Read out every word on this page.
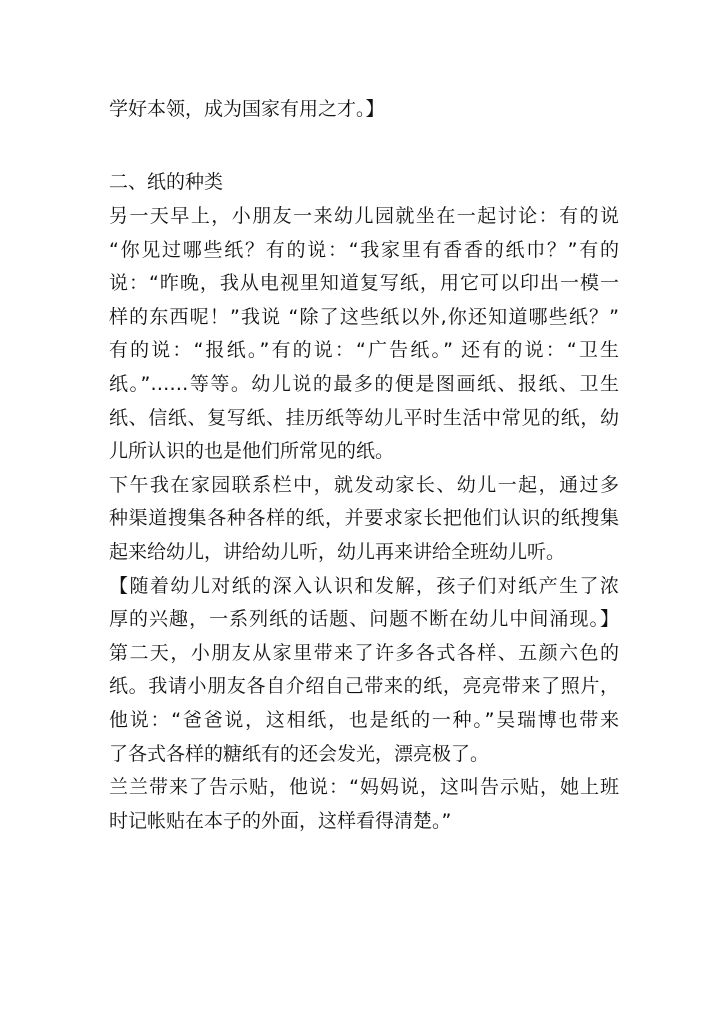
学好本领，成为国家有用之才。】
二、纸的种类
另一天早上，小朋友一来幼儿园就坐在一起讨论：有的说
“你见过哪些纸？有的说：“我家里有香香的纸巾？”有的
说：“昨晚，我从电视里知道复写纸，用它可以印出一模一
样的东西呢！”我说 “除了这些纸以外,你还知道哪些纸？”
有的说：“报纸。”有的说：“广告纸。” 还有的说：“卫生
纸。”……等等。幼儿说的最多的便是图画纸、报纸、卫生
纸、信纸、复写纸、挂历纸等幼儿平时生活中常见的纸，幼
儿所认识的也是他们所常见的纸。
下午我在家园联系栏中，就发动家长、幼儿一起，通过多
种渠道搜集各种各样的纸，并要求家长把他们认识的纸搜集
起来给幼儿，讲给幼儿听，幼儿再来讲给全班幼儿听。
【随着幼儿对纸的深入认识和发解，孩子们对纸产生了浓
厚的兴趣，一系列纸的话题、问题不断在幼儿中间涌现。】
第二天，小朋友从家里带来了许多各式各样、五颜六色的
纸。我请小朋友各自介绍自己带来的纸，亮亮带来了照片，
他说：“爸爸说，这相纸，也是纸的一种。”吴瑞博也带来
了各式各样的糖纸有的还会发光，漂亮极了。
兰兰带来了告示贴，他说：“妈妈说，这叫告示贴，她上班
时记帐贴在本子的外面，这样看得清楚。”
